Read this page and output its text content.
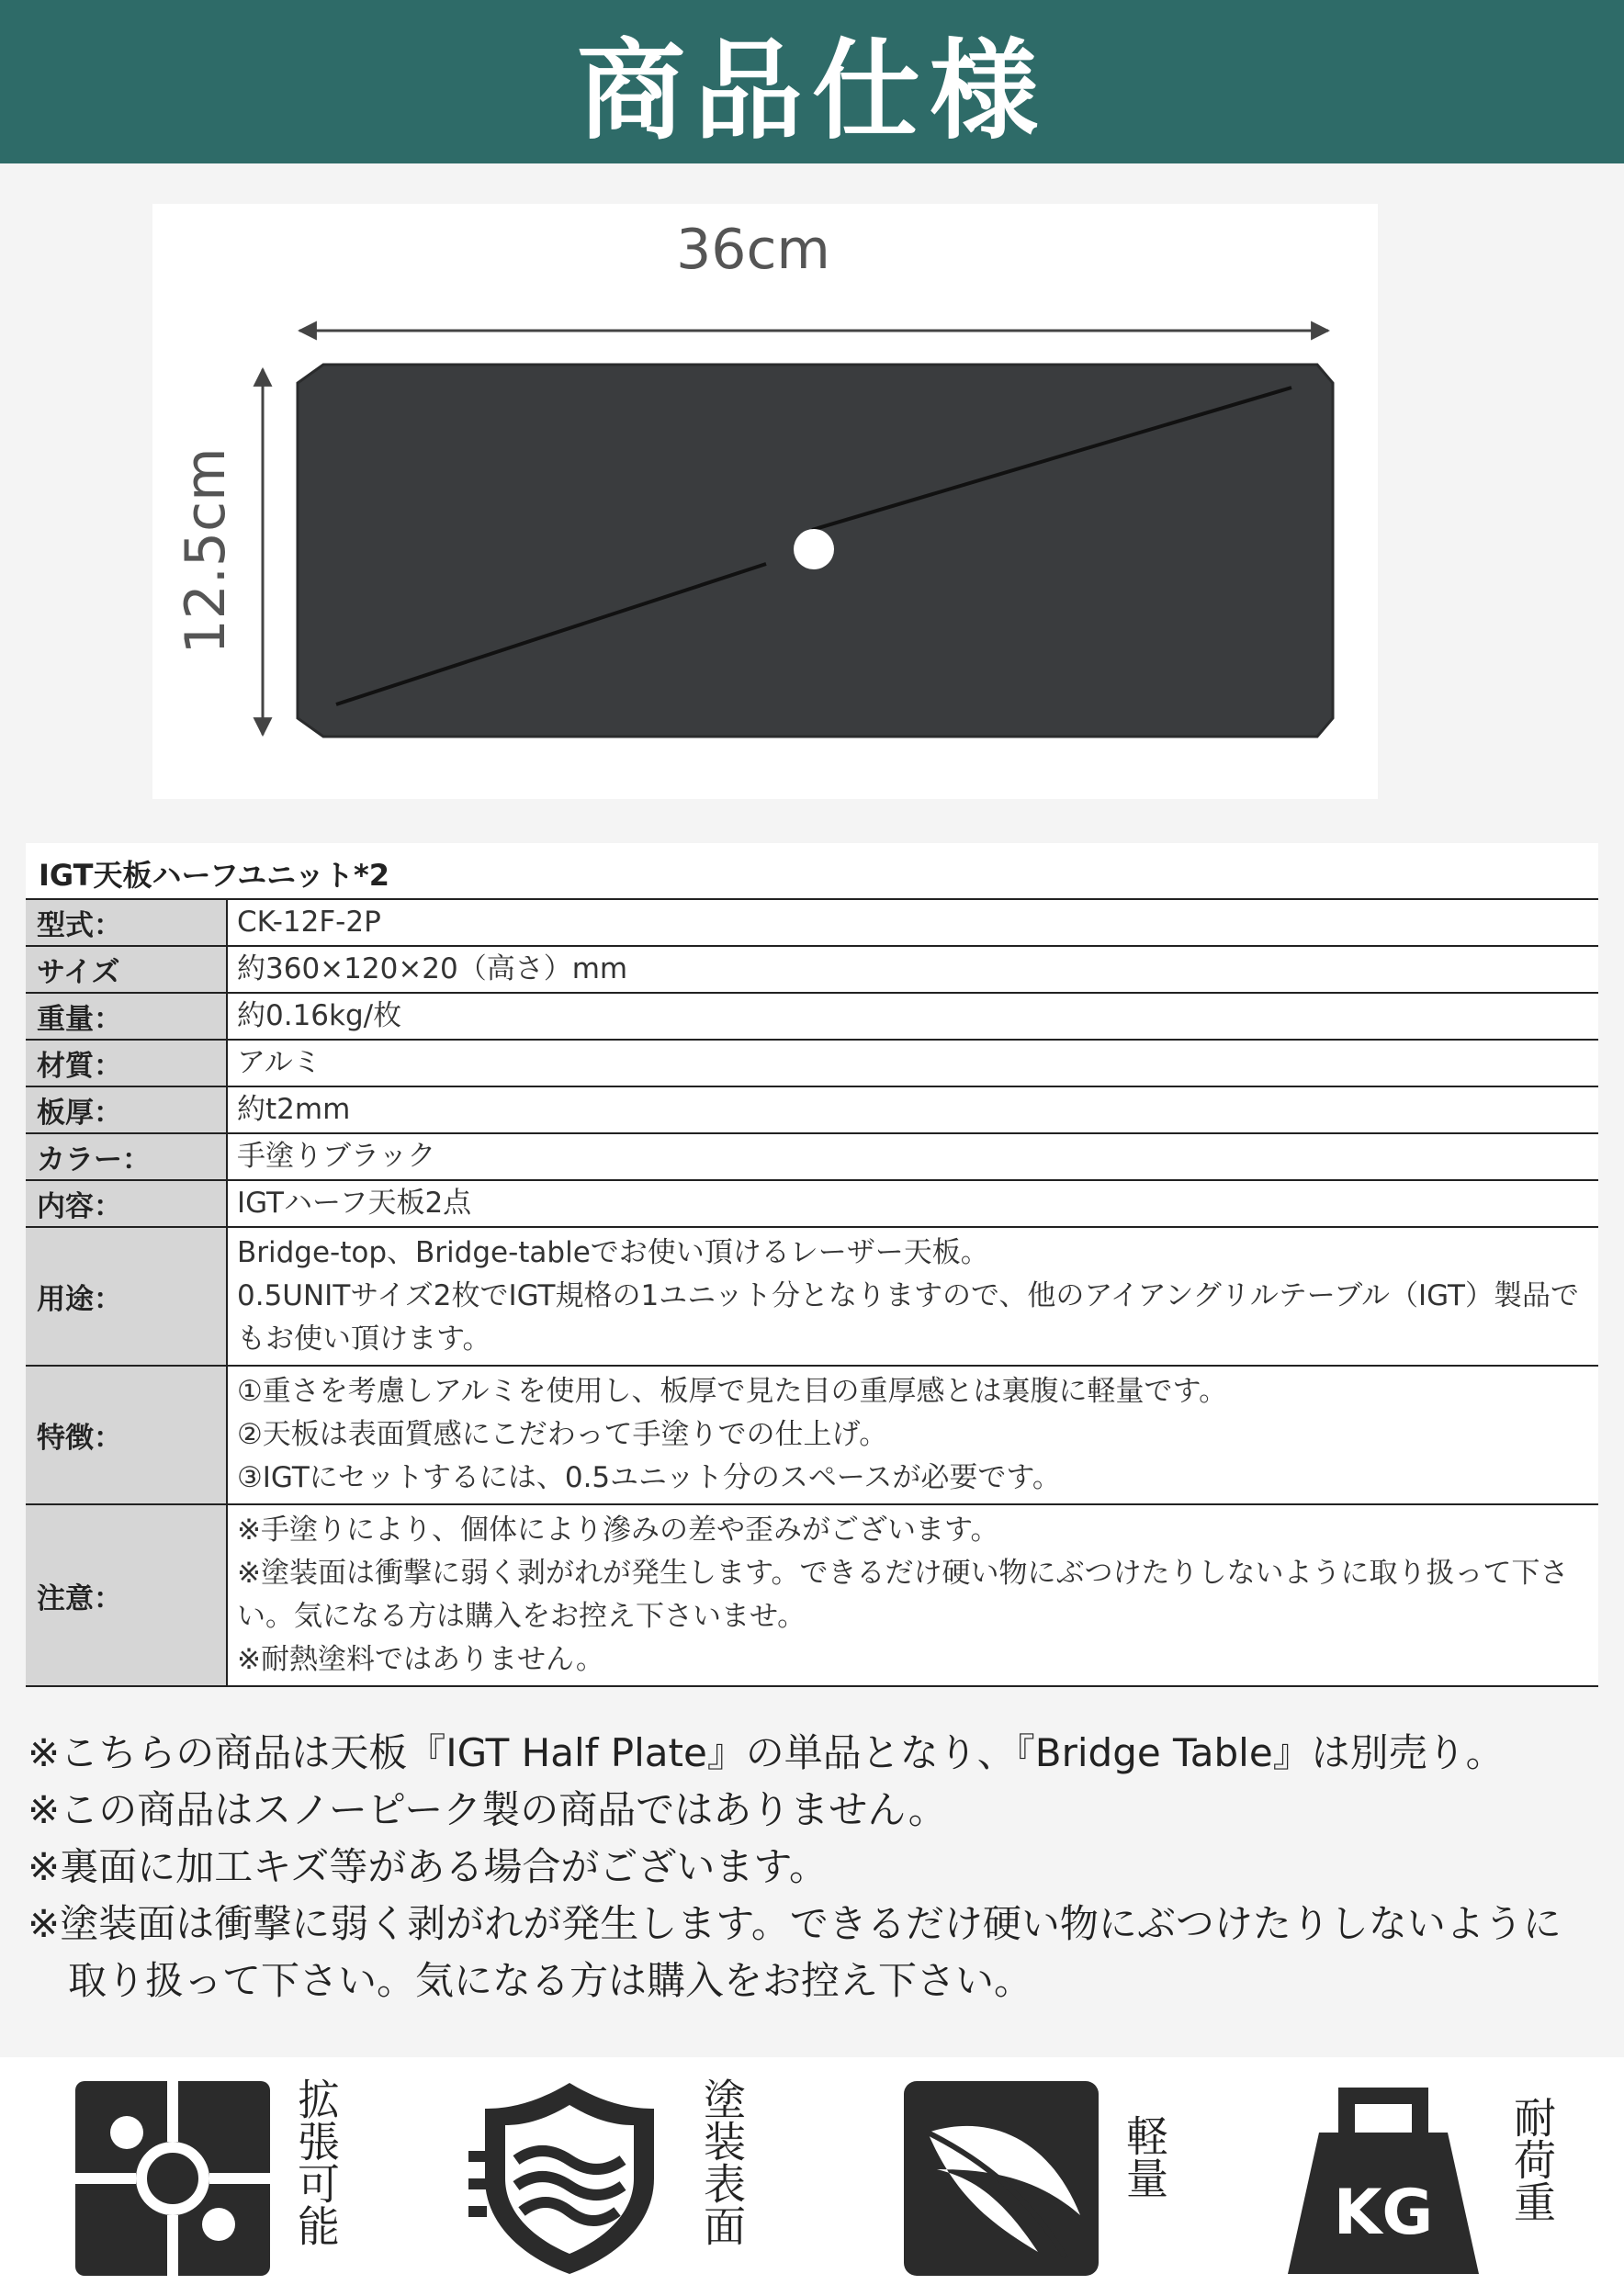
商品仕様
36cm
12.5cm
IGT天板ハーフユニット*2
型式：	CK-12F-2P

サイズ	約360×120×20（高さ）mm

重量：	約0.16kg/枚

材質：	アルミ

板厚：	約t2mm

カラー：	手塗りブラック

内容：	IGTハーフ天板2点

用途：	Bridge-top、Bridge-tableでお使い頂けるレーザー天板。
0.5UNITサイズ2枚でIGT規格の1ユニット分となりますので、他のアイアングリルテーブル（IGT）製品でもお使い頂けます。

特徴：	①重さを考慮しアルミを使用し、板厚で見た目の重厚感とは裏腹に軽量です。
②天板は表面質感にこだわって手塗りでの仕上げ。
③IGTにセットするには、0.5ユニット分のスペースが必要です。

注意：	※手塗りにより、個体により滲みの差や歪みがございます。
※塗装面は衝撃に弱く剥がれが発生します。できるだけ硬い物にぶつけたりしないように取り扱って下さい。気になる方は購入をお控え下さいませ。
※耐熱塗料ではありません。
※こちらの商品は天板『IGT Half Plate』の単品となり、『Bridge Table』は別売り。
※この商品はスノーピーク製の商品ではありません。
※裏面に加工キズ等がある場合がございます。
※塗装面は衝撃に弱く剥がれが発生します。できるだけ硬い物にぶつけたりしないように取り扱って下さい。気になる方は購入をお控え下さい。
拡張可能	塗装表面	軽量
KG 耐荷重
